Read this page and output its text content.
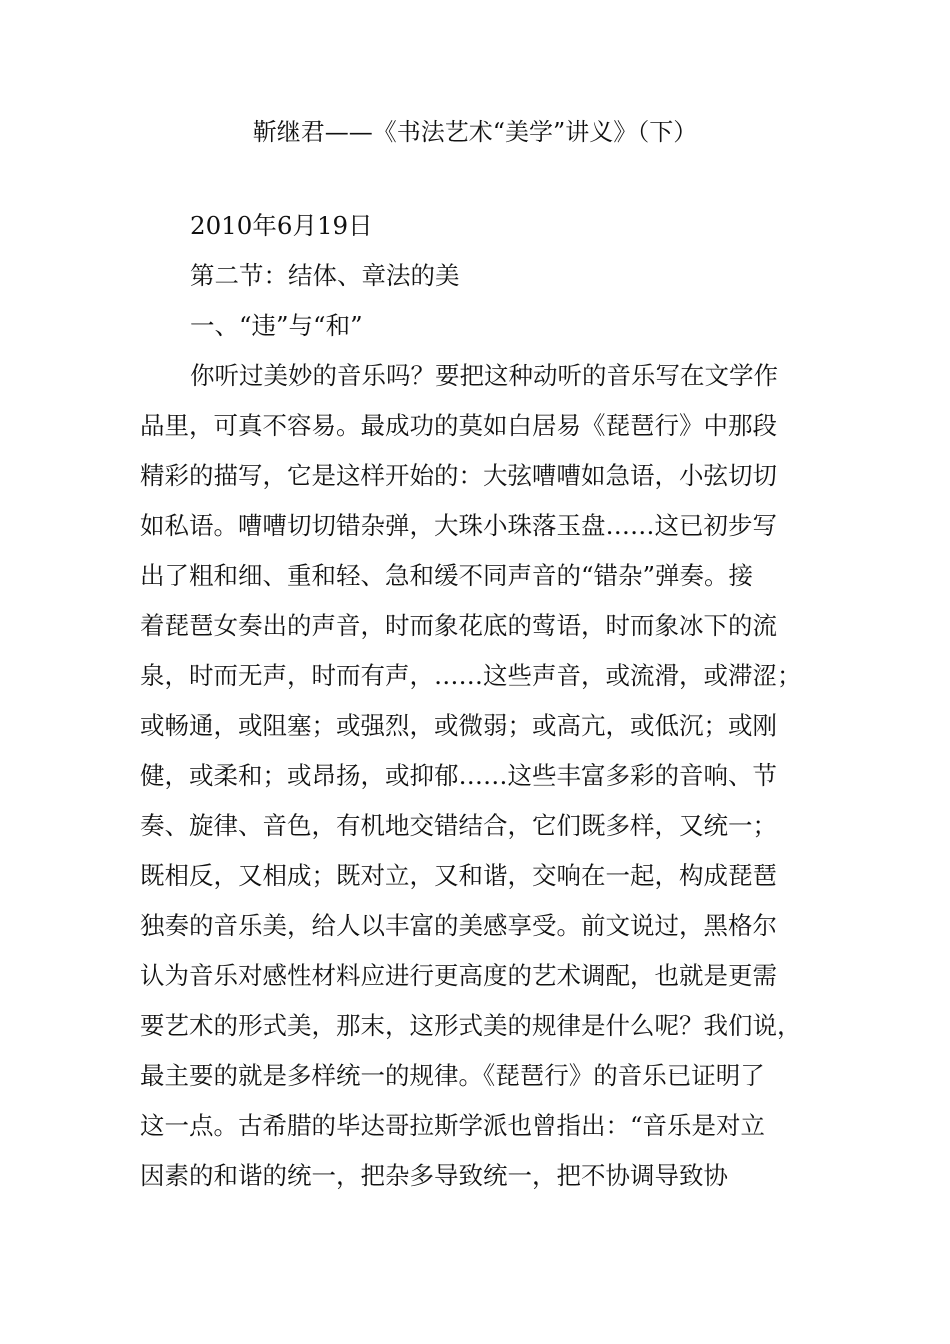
靳继君——《书法艺术“美学”讲义》（下）
2010年6月19日
第二节：结体、章法的美
一、“违”与“和”
你听过美妙的音乐吗？要把这种动听的音乐写在文学作
品里，可真不容易。最成功的莫如白居易《琵琶行》中那段
精彩的描写，它是这样开始的：大弦嘈嘈如急语，小弦切切
如私语。嘈嘈切切错杂弹，大珠小珠落玉盘……这已初步写
出了粗和细、重和轻、急和缓不同声音的“错杂”弹奏。接
着琵琶女奏出的声音，时而象花底的莺语，时而象冰下的流
泉，时而无声，时而有声，……这些声音，或流滑，或滞涩；
或畅通，或阻塞；或强烈，或微弱；或高亢，或低沉；或刚
健，或柔和；或昂扬，或抑郁……这些丰富多彩的音响、节
奏、旋律、音色，有机地交错结合，它们既多样，又统一；
既相反，又相成；既对立，又和谐，交响在一起，构成琵琶
独奏的音乐美，给人以丰富的美感享受。前文说过，黑格尔
认为音乐对感性材料应进行更高度的艺术调配，也就是更需
要艺术的形式美，那末，这形式美的规律是什么呢？我们说，
最主要的就是多样统一的规律。《琵琶行》的音乐已证明了
这一点。古希腊的毕达哥拉斯学派也曾指出：“音乐是对立
因素的和谐的统一，把杂多导致统一，把不协调导致协
